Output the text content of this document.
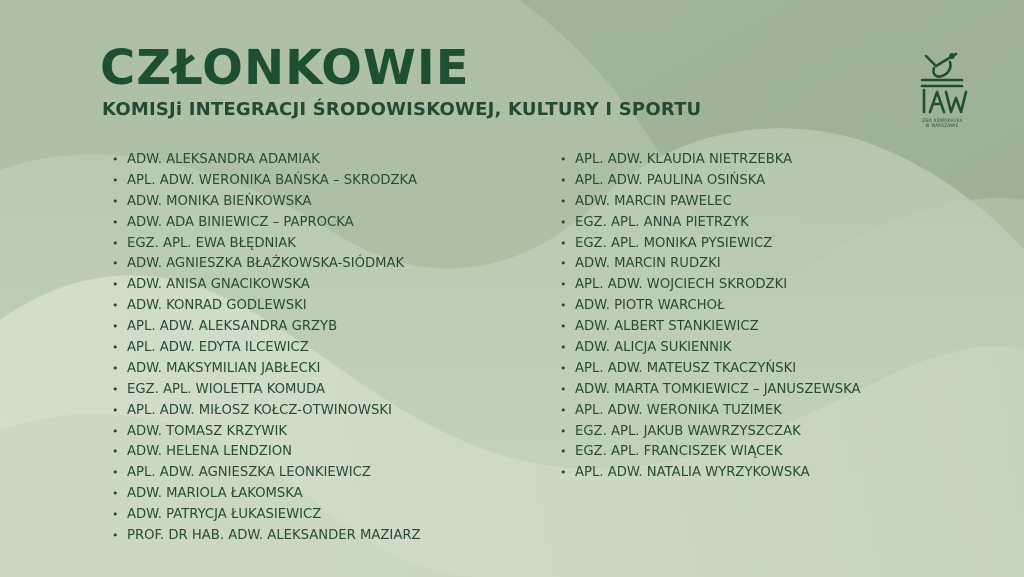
CZŁONKOWIE
KOMISJi INTEGRACJI ŚRODOWISKOWEJ, KULTURY I SPORTU
IZBA ADWOKACKA
W WARSZAWIE
• ADW. ALEKSANDRA ADAMIAK
• APL. ADW. WERONIKA BAŃSKA – SKRODZKA
• ADW. MONIKA BIEŃKOWSKA
• ADW. ADA BINIEWICZ – PAPROCKA
• EGZ. APL. EWA BŁĘDNIAK
• ADW. AGNIESZKA BŁAŻKOWSKA-SIÓDMAK
• ADW. ANISA GNACIKOWSKA
• ADW. KONRAD GODLEWSKI
• APL. ADW. ALEKSANDRA GRZYB
• APL. ADW. EDYTA ILCEWICZ
• ADW. MAKSYMILIAN JABŁECKI
• EGZ. APL. WIOLETTA KOMUDA
• APL. ADW. MIŁOSZ KOŁCZ-OTWINOWSKI
• ADW. TOMASZ KRZYWIK
• ADW. HELENA LENDZION
• APL. ADW. AGNIESZKA LEONKIEWICZ
• ADW. MARIOLA ŁAKOMSKA
• ADW. PATRYCJA ŁUKASIEWICZ
• PROF. DR HAB. ADW. ALEKSANDER MAZIARZ
• APL. ADW. KLAUDIA NIETRZEBKA
• APL. ADW. PAULINA OSIŃSKA
• ADW. MARCIN PAWELEC
• EGZ. APL. ANNA PIETRZYK
• EGZ. APL. MONIKA PYSIEWICZ
• ADW. MARCIN RUDZKI
• APL. ADW. WOJCIECH SKRODZKI
• ADW. PIOTR WARCHOŁ
• ADW. ALBERT STANKIEWICZ
• ADW. ALICJA SUKIENNIK
• APL. ADW. MATEUSZ TKACZYŃSKI
• ADW. MARTA TOMKIEWICZ – JANUSZEWSKA
• APL. ADW. WERONIKA TUZIMEK
• EGZ. APL. JAKUB WAWRZYSZCZAK
• EGZ. APL. FRANCISZEK WIĄCEK
• APL. ADW. NATALIA WYRZYKOWSKA
